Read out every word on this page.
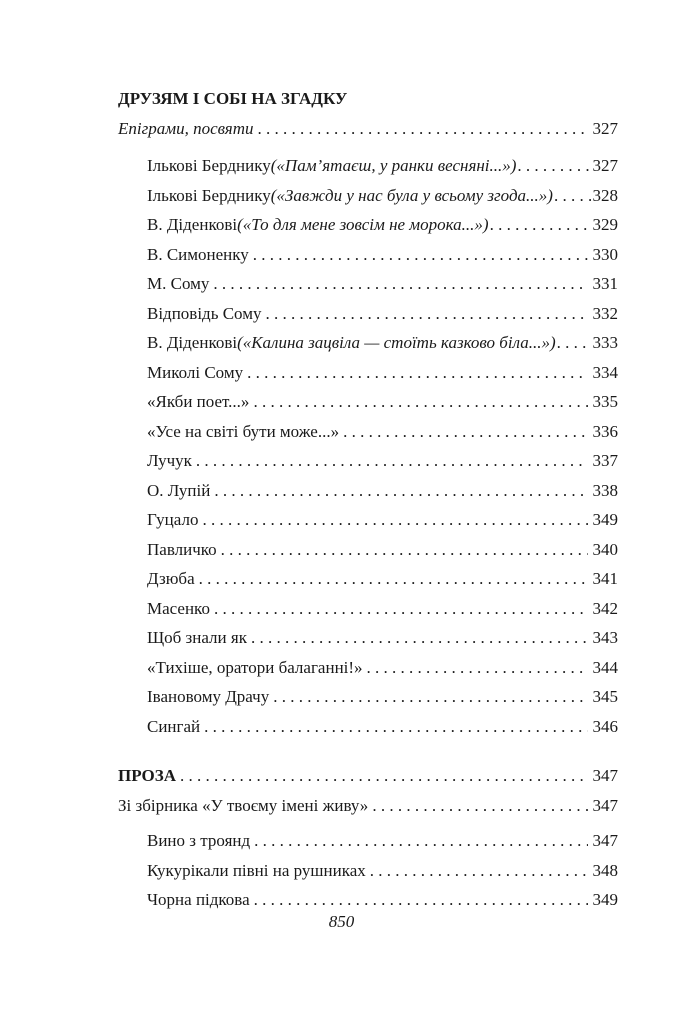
ДРУЗЯМ І СОБІ НА ЗГАДКУ
Епіграми, посвяти . . .	327
Ількові Берднику («Пам’ятаєш, у ранки весняні...») . . .	327
Ількові Берднику («Завжди у нас була у всьому згода...») . . . 328
В. Діденкові («То для мене зовсім не морока...») . . .	329
В. Симоненку . . .	330
М. Сому . . .	331
Відповідь Сому . . .	332
В. Діденкові («Калина зацвіла — стоїть казково біла...») . . . 333
Миколі Сому . . .	334
«Якби поет...» . . .	335
«Усе на світі бути може...» . . .	336
Лучук . . .	337
О. Лупій . . .	338
Гуцало . . .	349
Павличко . . .	340
Дзюба . . .	341
Масенко . . .	342
Щоб знали як . . .	343
«Тихіше, оратори балаганні!» . . .	344
Івановому Драчу . . .	345
Сингай . . .	346
ПРОЗА . . .	347
Зі збірника «У твоєму імені живу» . . .	347
Вино з троянд . . .	347
Кукурікали півні на рушниках . . .	348
Чорна підкова . . .	349
850
